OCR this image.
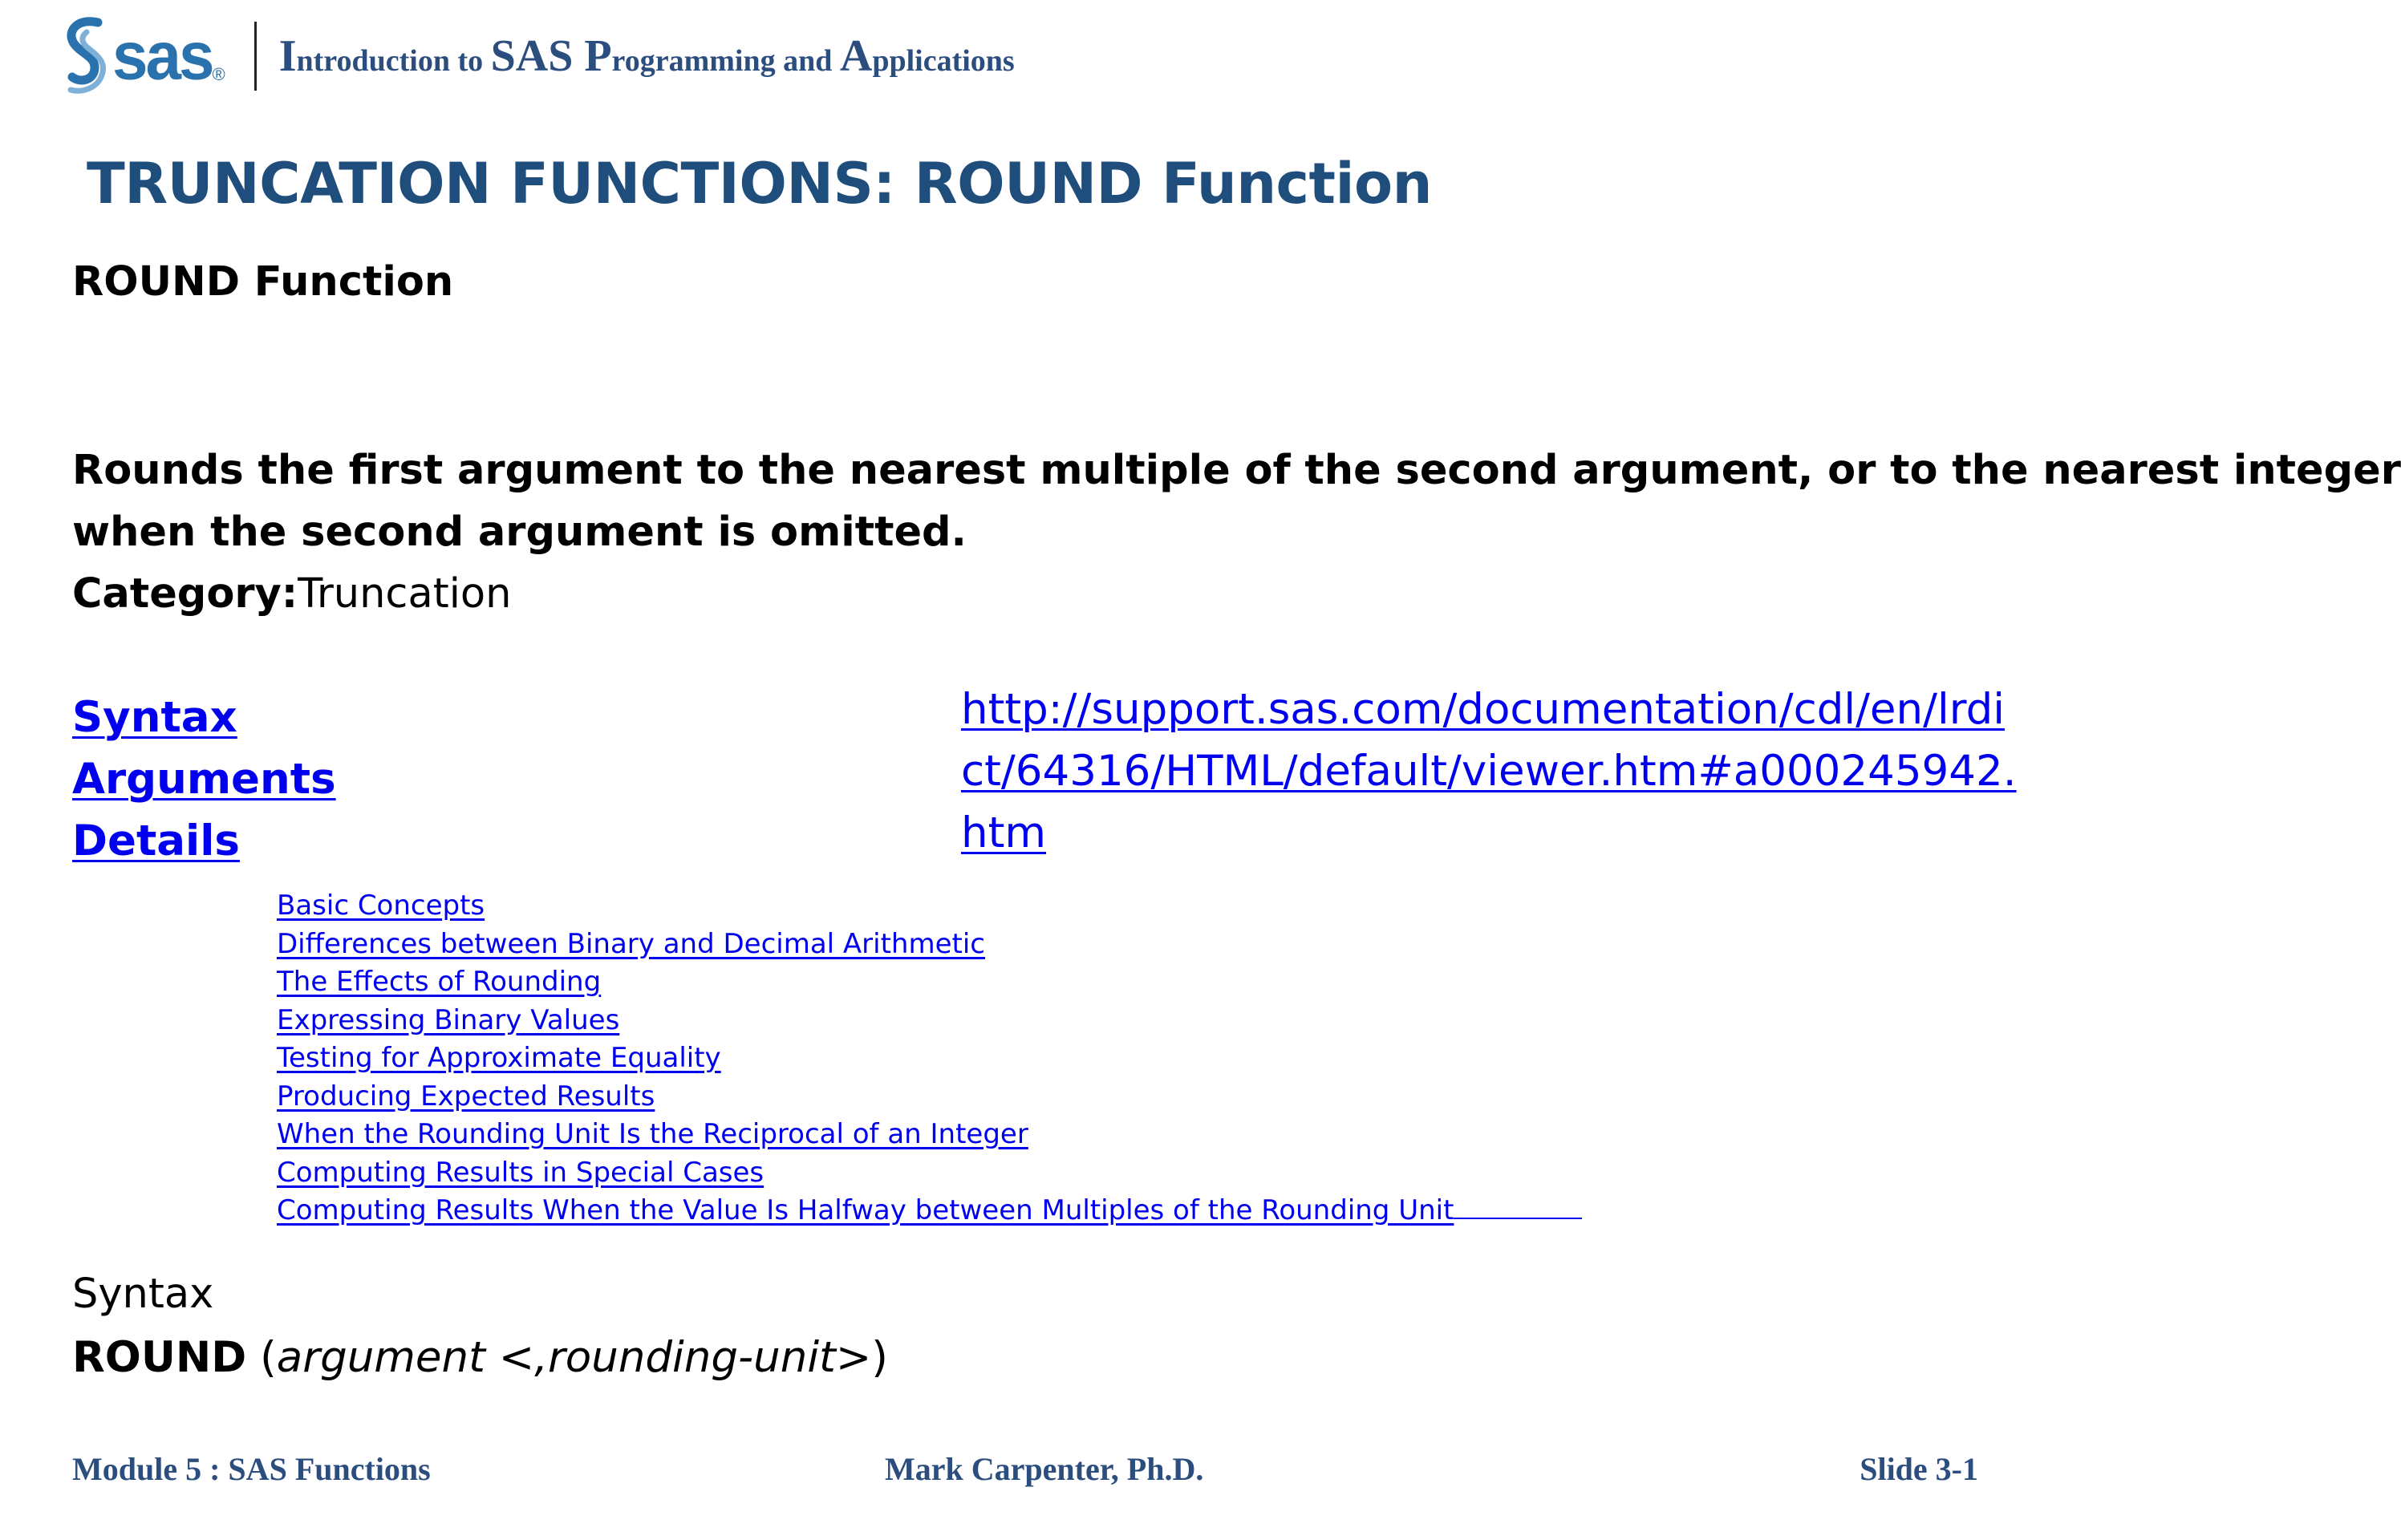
sas ® Introduction to SAS Programming and Applications
TRUNCATION FUNCTIONS: ROUND Function
ROUND Function
Rounds the first argument to the nearest multiple of the second argument, or to the nearest integer
when the second argument is omitted.
Category:Truncation
Syntax
Arguments
Details
http://support.sas.com/documentation/cdl/en/lrdict/64316/HTML/default/viewer.htm#a000245942.htm
Basic Concepts
Differences between Binary and Decimal Arithmetic
The Effects of Rounding
Expressing Binary Values
Testing for Approximate Equality
Producing Expected Results
When the Rounding Unit Is the Reciprocal of an Integer
Computing Results in Special Cases
Computing Results When the Value Is Halfway between Multiples of the Rounding Unit

Syntax

ROUND (argument <,rounding-unit>)
Module 5 : SAS Functions	Mark Carpenter, Ph.D.	Slide 3-1
